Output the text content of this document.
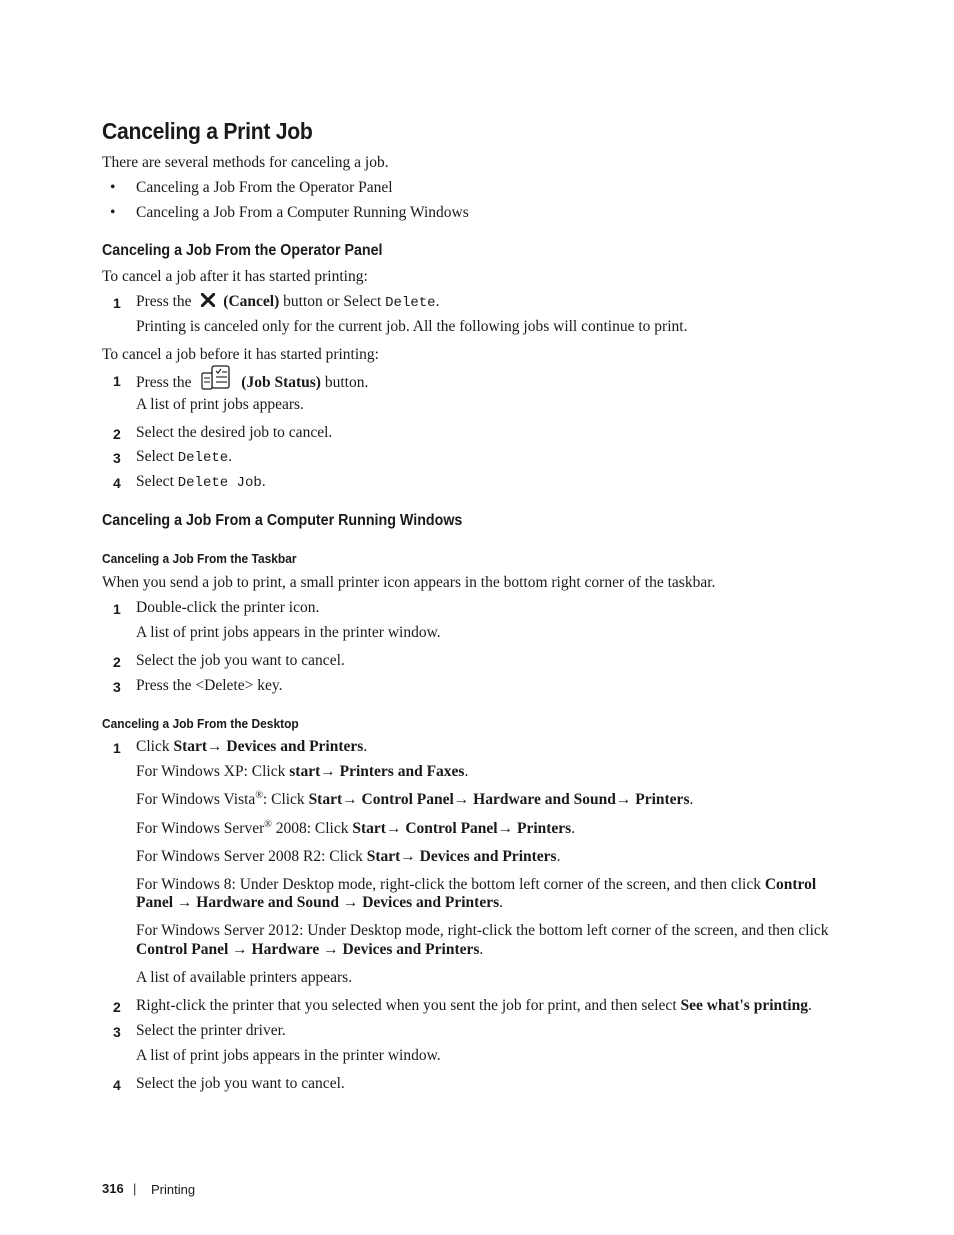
Canceling a Print Job
There are several methods for canceling a job.
• Canceling a Job From the Operator Panel
• Canceling a Job From a Computer Running Windows
Canceling a Job From the Operator Panel
To cancel a job after it has started printing:
1 Press the (Cancel) button or Select Delete.
Printing is canceled only for the current job. All the following jobs will continue to print.
To cancel a job before it has started printing:
1 Press the	(Job Status) button.
A list of print jobs appears.
2 Select the desired job to cancel.
3 Select Delete.
4 Select Delete Job.
Canceling a Job From a Computer Running Windows
Canceling a Job From the Taskbar
When you send a job to print, a small printer icon appears in the bottom right corner of the taskbar.
1 Double-click the printer icon.
A list of print jobs appears in the printer window.
2 Select the job you want to cancel.
3 Press the <Delete> key.
Canceling a Job From the Desktop
1 Click Start→ Devices and Printers.
For Windows XP: Click start→ Printers and Faxes.
For Windows Vista®: Click Start→ Control Panel→ Hardware and Sound→ Printers.
For Windows Server® 2008: Click Start→ Control Panel→ Printers.
For Windows Server 2008 R2: Click Start→ Devices and Printers.
For Windows 8: Under Desktop mode, right-click the bottom left corner of the screen, and then click Control
Panel → Hardware and Sound → Devices and Printers.
For Windows Server 2012: Under Desktop mode, right-click the bottom left corner of the screen, and then click
Control Panel → Hardware → Devices and Printers.
A list of available printers appears.
2 Right-click the printer that you selected when you sent the job for print, and then select See what's printing.
3 Select the printer driver.
A list of print jobs appears in the printer window.
4 Select the job you want to cancel.
316 | Printing
